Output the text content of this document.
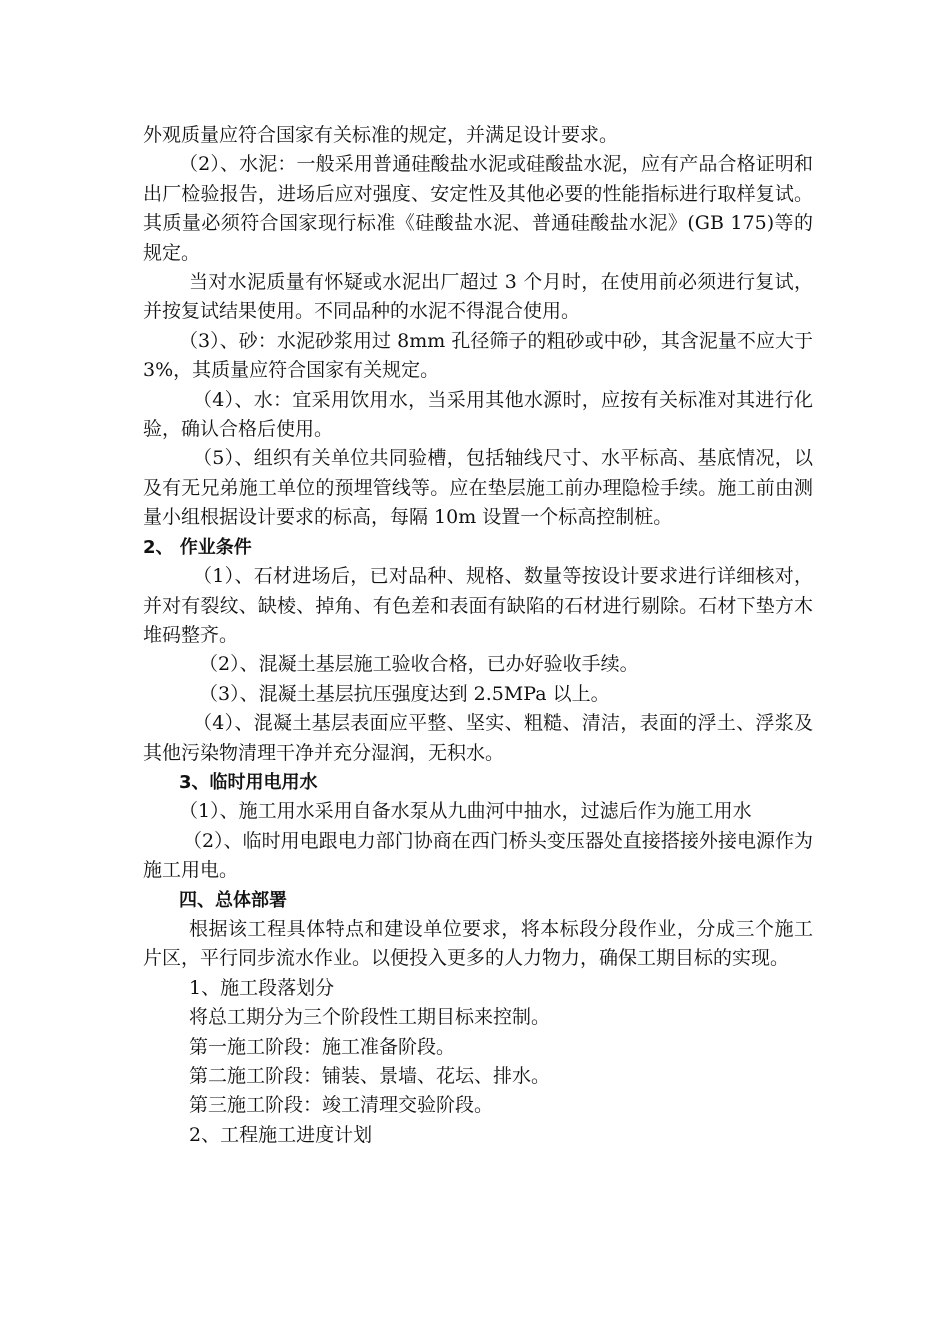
外观质量应符合国家有关标准的规定，并满足设计要求。

（2）、水泥：一般采用普通硅酸盐水泥或硅酸盐水泥，应有产品合格证明和出厂检验报告，进场后应对强度、安定性及其他必要的性能指标进行取样复试。其质量必须符合国家现行标准《硅酸盐水泥、普通硅酸盐水泥》(GB 175)等的规定。

当对水泥质量有怀疑或水泥出厂超过 3 个月时，在使用前必须进行复试，并按复试结果使用。不同品种的水泥不得混合使用。

（3）、砂：水泥砂浆用过 8mm 孔径筛子的粗砂或中砂，其含泥量不应大于 3%，其质量应符合国家有关规定。

（4）、水：宜采用饮用水，当采用其他水源时，应按有关标准对其进行化验，确认合格后使用。

（5）、组织有关单位共同验槽，包括轴线尺寸、水平标高、基底情况，以及有无兄弟施工单位的预埋管线等。应在垫层施工前办理隐检手续。施工前由测量小组根据设计要求的标高，每隔 10m 设置一个标高控制桩。

2、 作业条件

（1）、石材进场后，已对品种、规格、数量等按设计要求进行详细核对，并对有裂纹、缺棱、掉角、有色差和表面有缺陷的石材进行剔除。石材下垫方木堆码整齐。

（2）、混凝土基层施工验收合格，已办好验收手续。

（3）、混凝土基层抗压强度达到 2.5MPa 以上。

（4）、混凝土基层表面应平整、坚实、粗糙、清洁，表面的浮土、浮浆及其他污染物清理干净并充分湿润，无积水。

3、临时用电用水

（1）、施工用水采用自备水泵从九曲河中抽水，过滤后作为施工用水

（2）、临时用电跟电力部门协商在西门桥头变压器处直接搭接外接电源作为施工用电。

四、总体部署

根据该工程具体特点和建设单位要求，将本标段分段作业，分成三个施工片区，平行同步流水作业。以便投入更多的人力物力，确保工期目标的实现。

1、施工段落划分

将总工期分为三个阶段性工期目标来控制。

第一施工阶段：施工准备阶段。

第二施工阶段：铺装、景墙、花坛、排水。

第三施工阶段：竣工清理交验阶段。

2、工程施工进度计划
